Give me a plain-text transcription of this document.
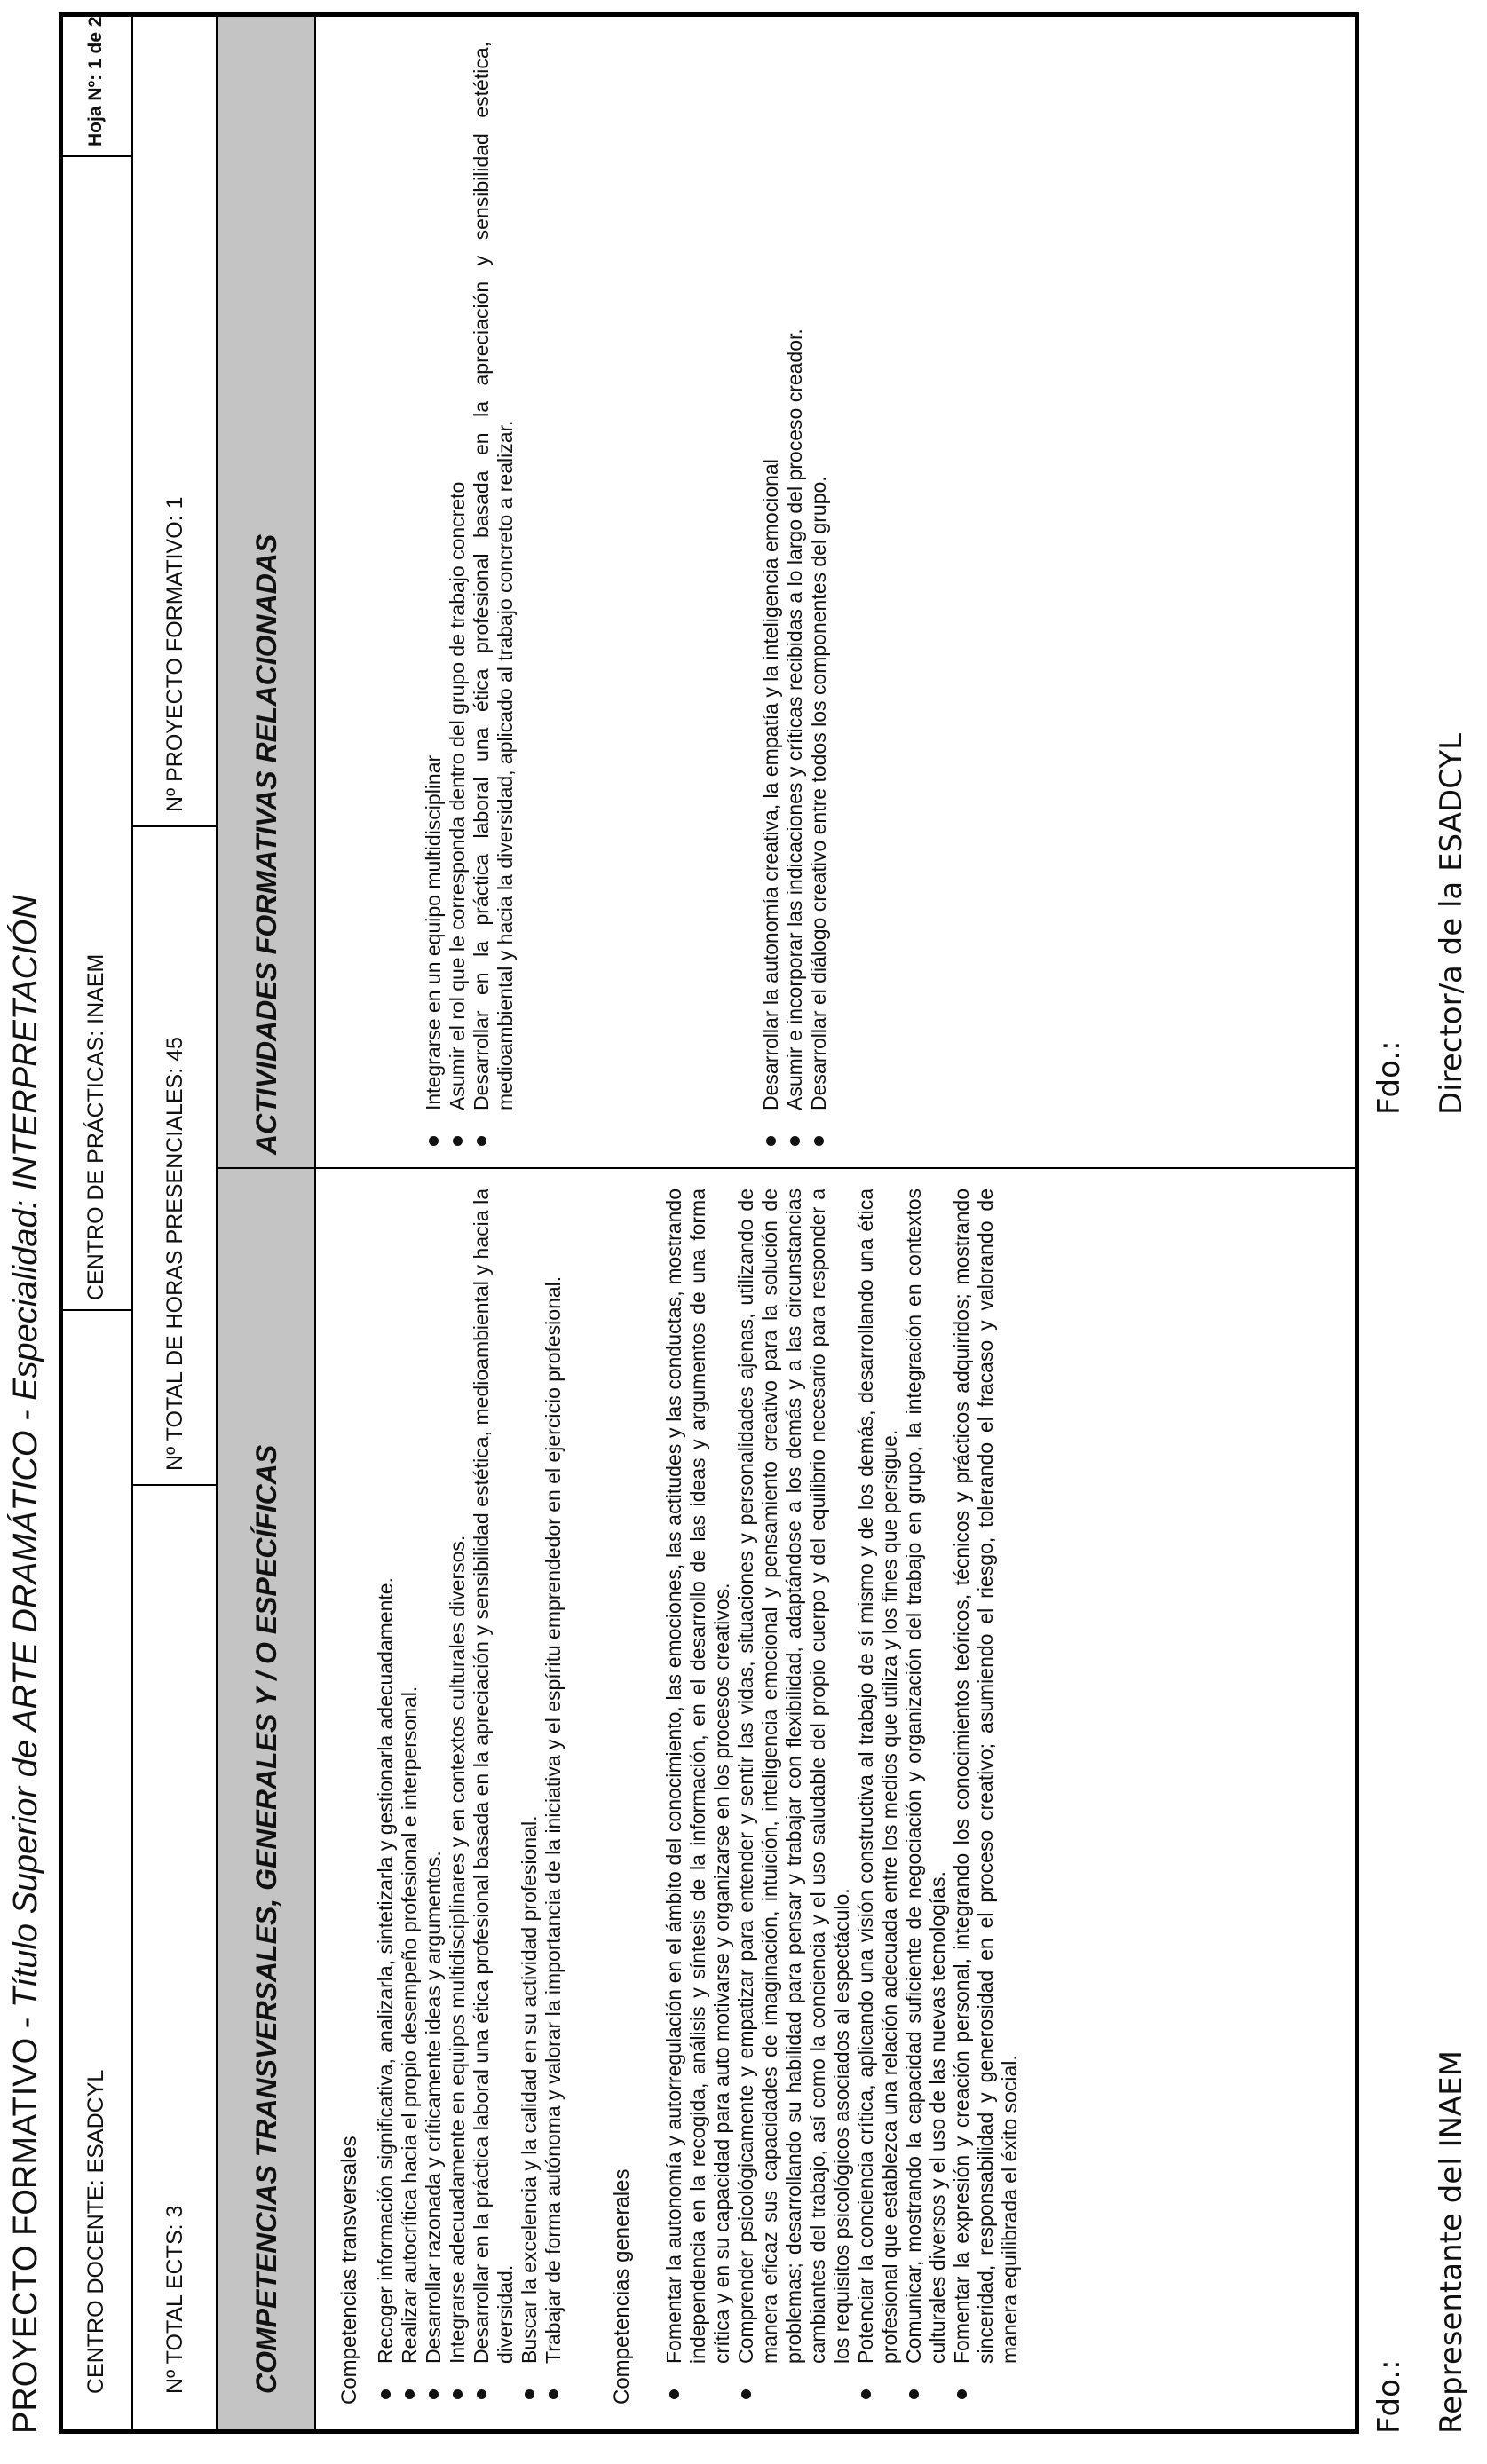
PROYECTO FORMATIVO - Título Superior de ARTE DRAMÁTICO - Especialidad: INTERPRETACIÓN
CENTRO DOCENTE: ESADCYL
CENTRO DE PRÁCTICAS: INAEM
Hoja Nº: 1 de 2
Nº TOTAL ECTS: 3
Nº TOTAL DE HORAS PRESENCIALES: 45
Nº PROYECTO FORMATIVO: 1
COMPETENCIAS TRANSVERSALES, GENERALES Y / O ESPECÍFICAS
ACTIVIDADES FORMATIVAS RELACIONADAS
Competencias transversales Recoger información significativa, analizarla, sintetizarla y gestionarla adecuadamente. Realizar autocrítica hacia el propio desempeño profesional e interpersonal. Desarrollar razonada y críticamente ideas y argumentos. Integrarse adecuadamente en equipos multidisciplinares y en contextos culturales diversos. Desarrollar en la práctica laboral una ética profesional basada en la apreciación y sensibilidad estética, medioambiental y hacia la diversidad. Buscar la excelencia y la calidad en su actividad profesional. Trabajar de forma autónoma y valorar la importancia de la iniciativa y el espíritu emprendedor en el ejercicio profesional. Competencias generales Fomentar la autonomía y autorregulación en el ámbito del conocimiento, las emociones, las actitudes y las conductas, mostrando independencia en la recogida, análisis y síntesis de la información, en el desarrollo de las ideas y argumentos de una forma crítica y en su capacidad para auto motivarse y organizarse en los procesos creativos. Comprender psicológicamente y empatizar para entender y sentir las vidas, situaciones y personalidades ajenas, utilizando de manera eficaz sus capacidades de imaginación, intuición, inteligencia emocional y pensamiento creativo para la solución de problemas; desarrollando su habilidad para pensar y trabajar con flexibilidad, adaptándose a los demás y a las circunstancias cambiantes del trabajo, así como la conciencia y el uso saludable del propio cuerpo y del equilibrio necesario para responder a los requisitos psicológicos asociados al espectáculo. Potenciar la conciencia crítica, aplicando una visión constructiva al trabajo de sí mismo y de los demás, desarrollando una ética profesional que establezca una relación adecuada entre los medios que utiliza y los fines que persigue. Comunicar, mostrando la capacidad suficiente de negociación y organización del trabajo en grupo, la integración en contextos culturales diversos y el uso de las nuevas tecnologías. Fomentar la expresión y creación personal, integrando los conocimientos teóricos, técnicos y prácticos adquiridos; mostrando sinceridad, responsabilidad y generosidad en el proceso creativo; asumiendo el riesgo, tolerando el fracaso y valorando de manera equilibrada el éxito social.
Integrarse en un equipo multidisciplinar Asumir el rol que le corresponda dentro del grupo de trabajo concreto Desarrollar en la práctica laboral una ética profesional basada en la apreciación y sensibilidad estética, medioambiental y hacia la diversidad, aplicado al trabajo concreto a realizar.	Desarrollar la autonomía creativa, la empatía y la inteligencia emocional Asumir e incorporar las indicaciones y críticas recibidas a lo largo del proceso creador. Desarrollar el diálogo creativo entre todos los componentes del grupo.
Fdo.: Representante del INAEM
Fdo.: Director/a de la ESADCYL
